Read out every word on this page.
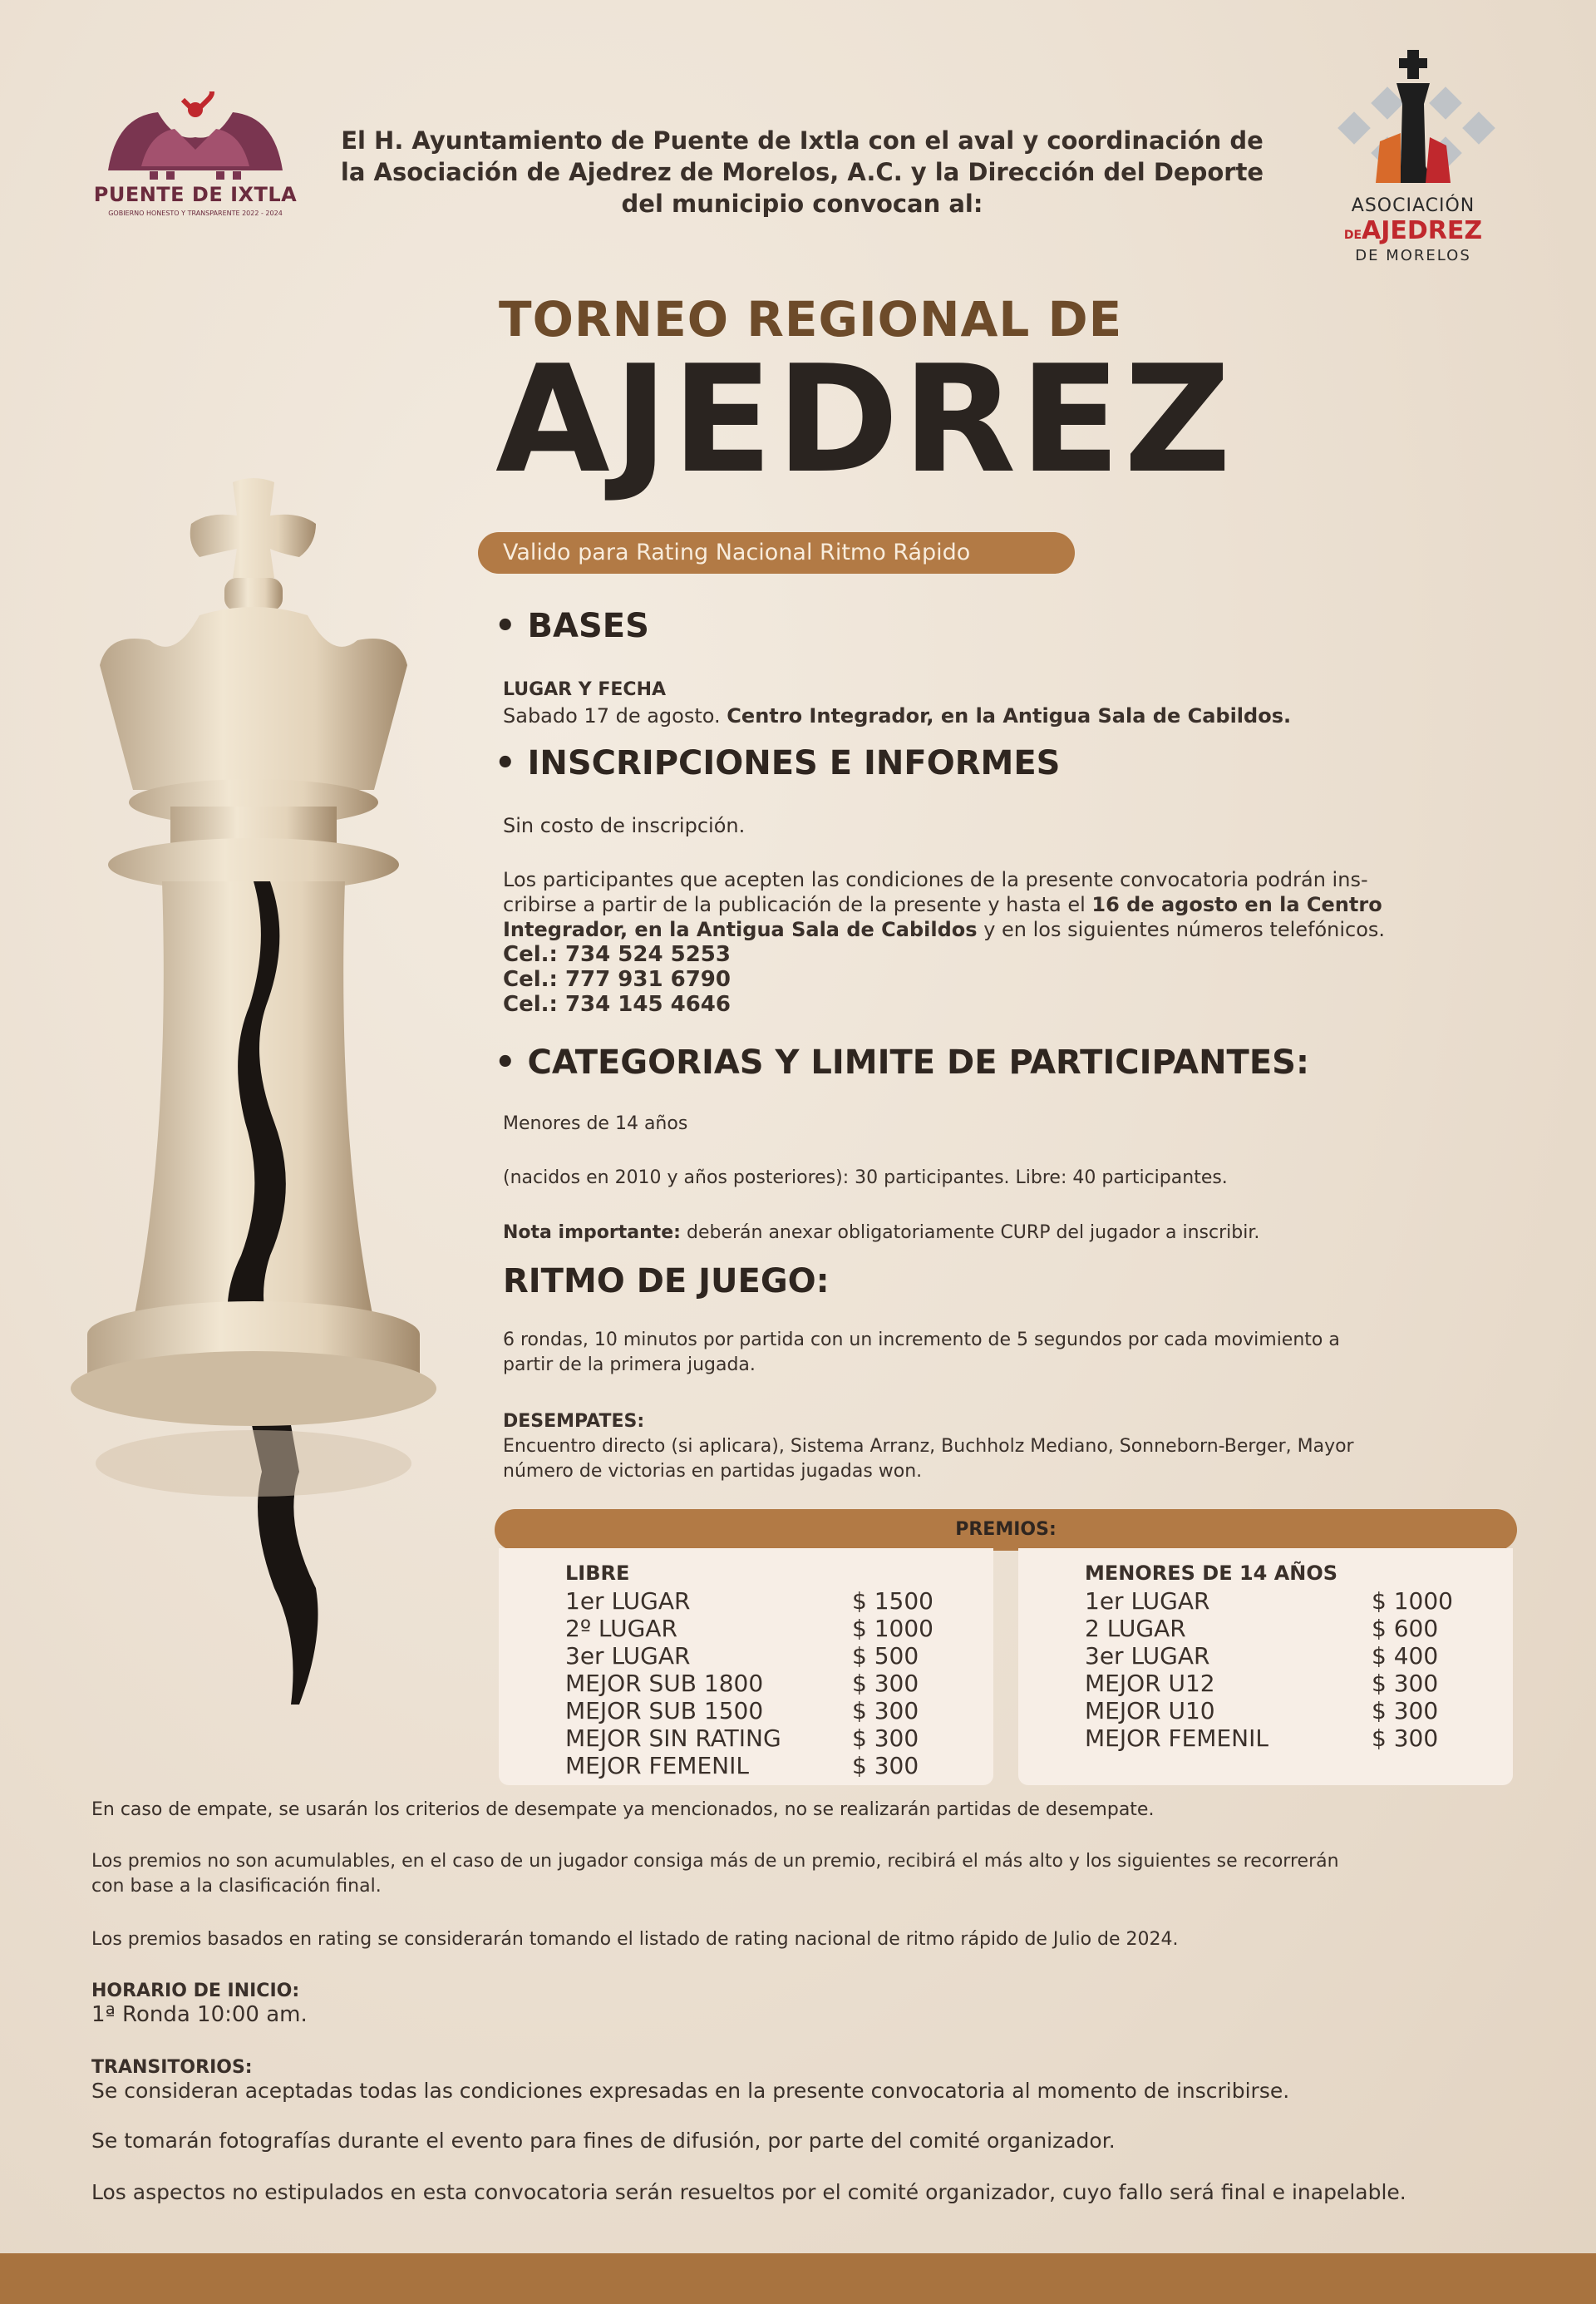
PUENTE DE IXTLA
GOBIERNO HONESTO Y TRANSPARENTE 2022 - 2024	ASOCIACIÓN
DEAJEDREZ
DE MORELOS
El H. Ayuntamiento de Puente de Ixtla con el aval y coordinación de la Asociación de Ajedrez de Morelos, A.C. y la Dirección del Deporte del municipio convocan al:
TORNEO REGIONAL DE
AJEDREZ
Valido para Rating Nacional Ritmo Rápido
• BASES
LUGAR Y FECHA
Sabado 17 de agosto. Centro Integrador, en la Antigua Sala de Cabildos.
• INSCRIPCIONES E INFORMES
Sin costo de inscripción.
Los participantes que acepten las condiciones de la presente convocatoria podrán ins-
cribirse a partir de la publicación de la presente y hasta el 16 de agosto en la Centro
Integrador, en la Antigua Sala de Cabildos y en los siguientes números telefónicos.
Cel.: 734 524 5253
Cel.: 777 931 6790
Cel.: 734 145 4646
• CATEGORIAS Y LIMITE DE PARTICIPANTES:
Menores de 14 años
(nacidos en 2010 y años posteriores): 30 participantes. Libre: 40 participantes.
Nota importante: deberán anexar obligatoriamente CURP del jugador a inscribir.
RITMO DE JUEGO:
6 rondas, 10 minutos por partida con un incremento de 5 segundos por cada movimiento a
partir de la primera jugada.
DESEMPATES:
Encuentro directo (si aplicara), Sistema Arranz, Buchholz Mediano, Sonneborn-Berger, Mayor
número de victorias en partidas jugadas won.
PREMIOS:
LIBRE
1er LUGAR	$ 1500
2º LUGAR	$ 1000
3er LUGAR	$ 500
MEJOR SUB 1800	$ 300
MEJOR SUB 1500	$ 300
MEJOR SIN RATING	$ 300
MEJOR FEMENIL	$ 300
MENORES DE 14 AÑOS
1er LUGAR	$ 1000
2 LUGAR	$ 600
3er LUGAR	$ 400
MEJOR U12	$ 300
MEJOR U10	$ 300
MEJOR FEMENIL	$ 300
En caso de empate, se usarán los criterios de desempate ya mencionados, no se realizarán partidas de desempate.
Los premios no son acumulables, en el caso de un jugador consiga más de un premio, recibirá el más alto y los siguientes se recorrerán
con base a la clasificación final.
Los premios basados en rating se considerarán tomando el listado de rating nacional de ritmo rápido de Julio de 2024.
HORARIO DE INICIO:
1ª Ronda 10:00 am.
TRANSITORIOS:
Se consideran aceptadas todas las condiciones expresadas en la presente convocatoria al momento de inscribirse.
Se tomarán fotografías durante el evento para fines de difusión, por parte del comité organizador.
Los aspectos no estipulados en esta convocatoria serán resueltos por el comité organizador, cuyo fallo será final e inapelable.
